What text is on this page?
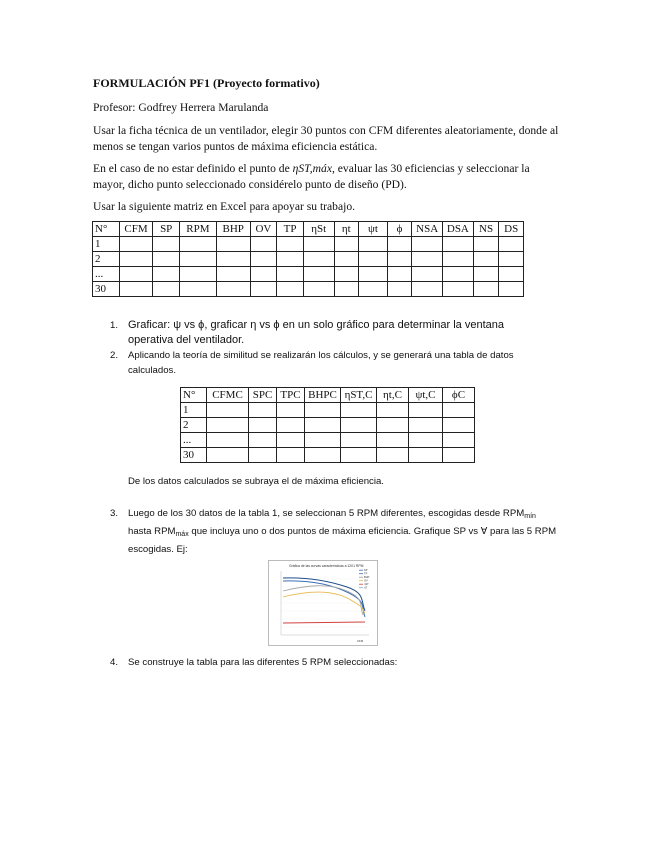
FORMULACIÓN PF1 (Proyecto formativo)

Profesor: Godfrey Herrera Marulanda

Usar la ficha técnica de un ventilador, elegir 30 puntos con CFM diferentes aleatoriamente, donde al menos se tengan varios puntos de máxima eficiencia estática.

En el caso de no estar definido el punto de ηST,máx, evaluar las 30 eficiencias y seleccionar la mayor, dicho punto seleccionado considérelo punto de diseño (PD).

Usar la siguiente matriz en Excel para apoyar su trabajo.

N°	CFM	SP	RPM	BHP	OV	TP	ηSt	ηt	ψt	ϕ	NSA	DSA	NS	DS
1														
2														
...														
30														
1. Graficar: ψ vs ϕ, graficar η vs ϕ en un solo gráfico para determinar la ventana operativa del ventilador.
2. Aplicando la teoría de similitud se realizarán los cálculos, y se generará una tabla de datos calculados.
N°	CFMC	SPC	TPC	BHPC	ηST,C	ηt,C	ψt,C	ϕC
1								
2								
...								
30								
De los datos calculados se subraya el de máxima eficiencia.
3. Luego de los 30 datos de la tabla 1, se seleccionan 5 RPM diferentes, escogidas desde $RPM_{mín}$ hasta $RPM_{máx}$ que incluya uno o dos puntos de máxima eficiencia. Grafique SP vs ∀ para las 5 RPM escogidas. Ej:
Gráfica de las curvas características a 1201 RPM
SP
TP
BHP
OV
ηST
ηT
CFM
4. Se construye la tabla para las diferentes 5 RPM seleccionadas:
